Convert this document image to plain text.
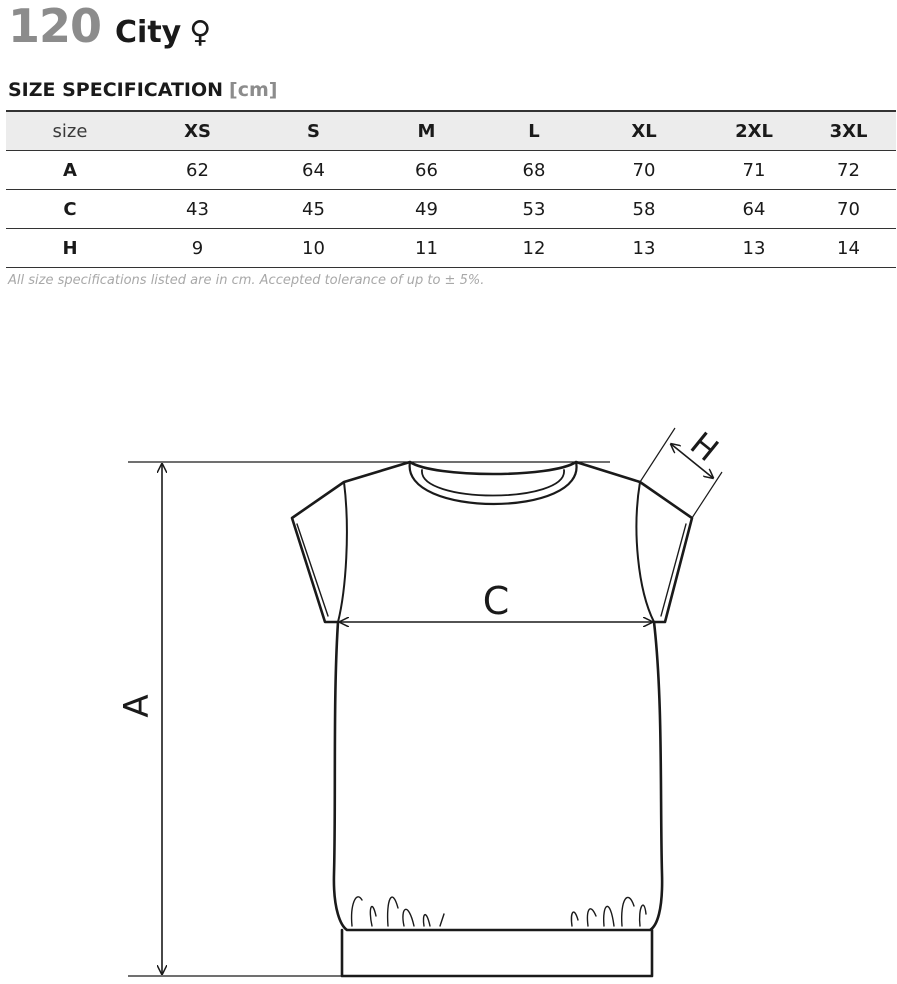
120 City ♀
SIZE SPECIFICATION [cm]
size	XS	S	M	L	XL	2XL	3XL
A	62	64	66	68	70	71	72
C	43	45	49	53	58	64	70
H	9	10	11	12	13	13	14
All size specifications listed are in cm. Accepted tolerance of up to ± 5%.
A
C
H
